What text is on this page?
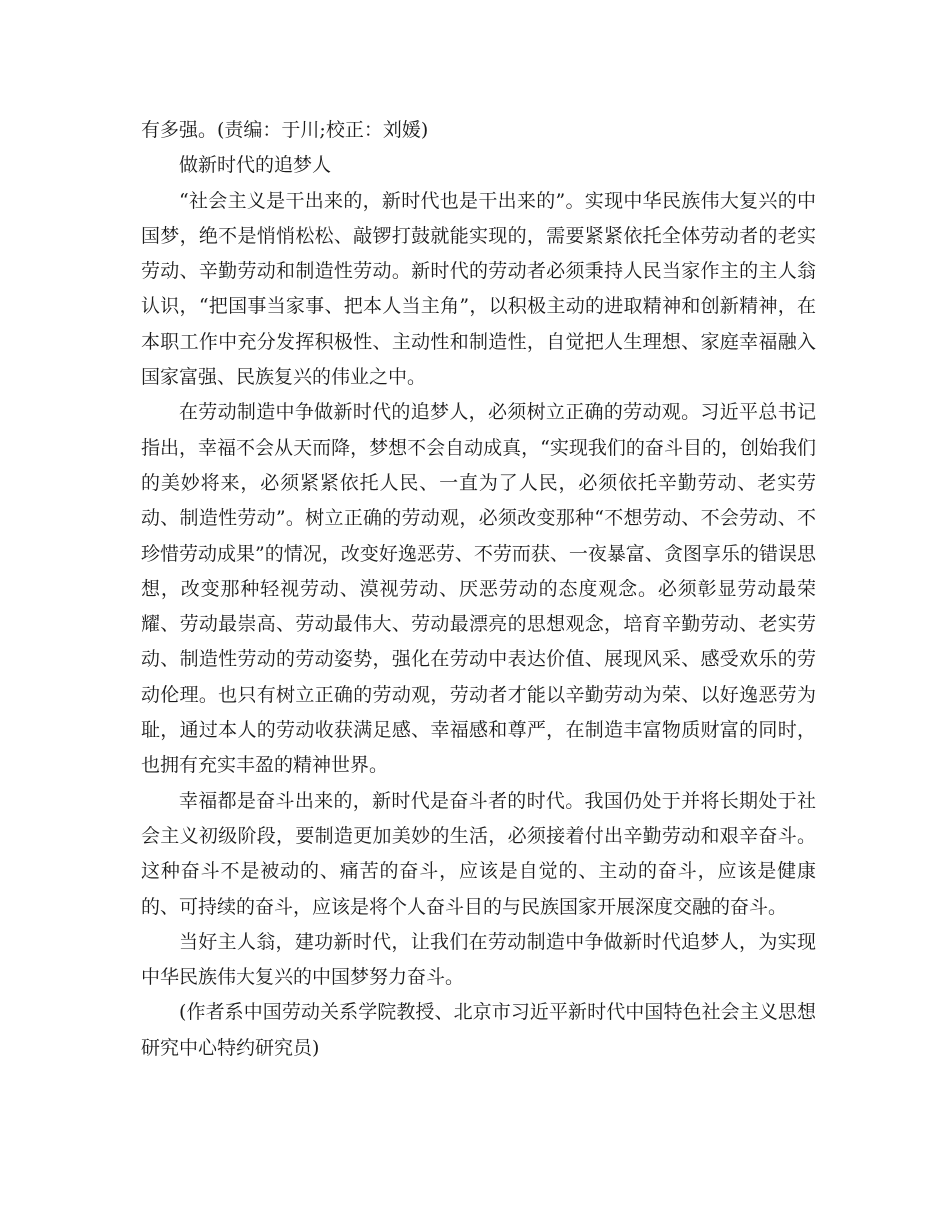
有多强。(责编：于川;校正：刘媛)

做新时代的追梦人

“社会主义是干出来的，新时代也是干出来的”。实现中华民族伟大复兴的中国梦，绝不是悄悄松松、敲锣打鼓就能实现的，需要紧紧依托全体劳动者的老实劳动、辛勤劳动和制造性劳动。新时代的劳动者必须秉持人民当家作主的主人翁认识，“把国事当家事、把本人当主角”，以积极主动的进取精神和创新精神，在本职工作中充分发挥积极性、主动性和制造性，自觉把人生理想、家庭幸福融入国家富强、民族复兴的伟业之中。

在劳动制造中争做新时代的追梦人，必须树立正确的劳动观。习近平总书记指出，幸福不会从天而降，梦想不会自动成真，“实现我们的奋斗目的，创始我们的美妙将来，必须紧紧依托人民、一直为了人民，必须依托辛勤劳动、老实劳动、制造性劳动”。树立正确的劳动观，必须改变那种“不想劳动、不会劳动、不珍惜劳动成果”的情况，改变好逸恶劳、不劳而获、一夜暴富、贪图享乐的错误思想，改变那种轻视劳动、漠视劳动、厌恶劳动的态度观念。必须彰显劳动最荣耀、劳动最崇高、劳动最伟大、劳动最漂亮的思想观念，培育辛勤劳动、老实劳动、制造性劳动的劳动姿势，强化在劳动中表达价值、展现风采、感受欢乐的劳动伦理。也只有树立正确的劳动观，劳动者才能以辛勤劳动为荣、以好逸恶劳为耻，通过本人的劳动收获满足感、幸福感和尊严，在制造丰富物质财富的同时，也拥有充实丰盈的精神世界。

幸福都是奋斗出来的，新时代是奋斗者的时代。我国仍处于并将长期处于社会主义初级阶段，要制造更加美妙的生活，必须接着付出辛勤劳动和艰辛奋斗。这种奋斗不是被动的、痛苦的奋斗，应该是自觉的、主动的奋斗，应该是健康的、可持续的奋斗，应该是将个人奋斗目的与民族国家开展深度交融的奋斗。

当好主人翁，建功新时代，让我们在劳动制造中争做新时代追梦人，为实现中华民族伟大复兴的中国梦努力奋斗。

(作者系中国劳动关系学院教授、北京市习近平新时代中国特色社会主义思想研究中心特约研究员)
